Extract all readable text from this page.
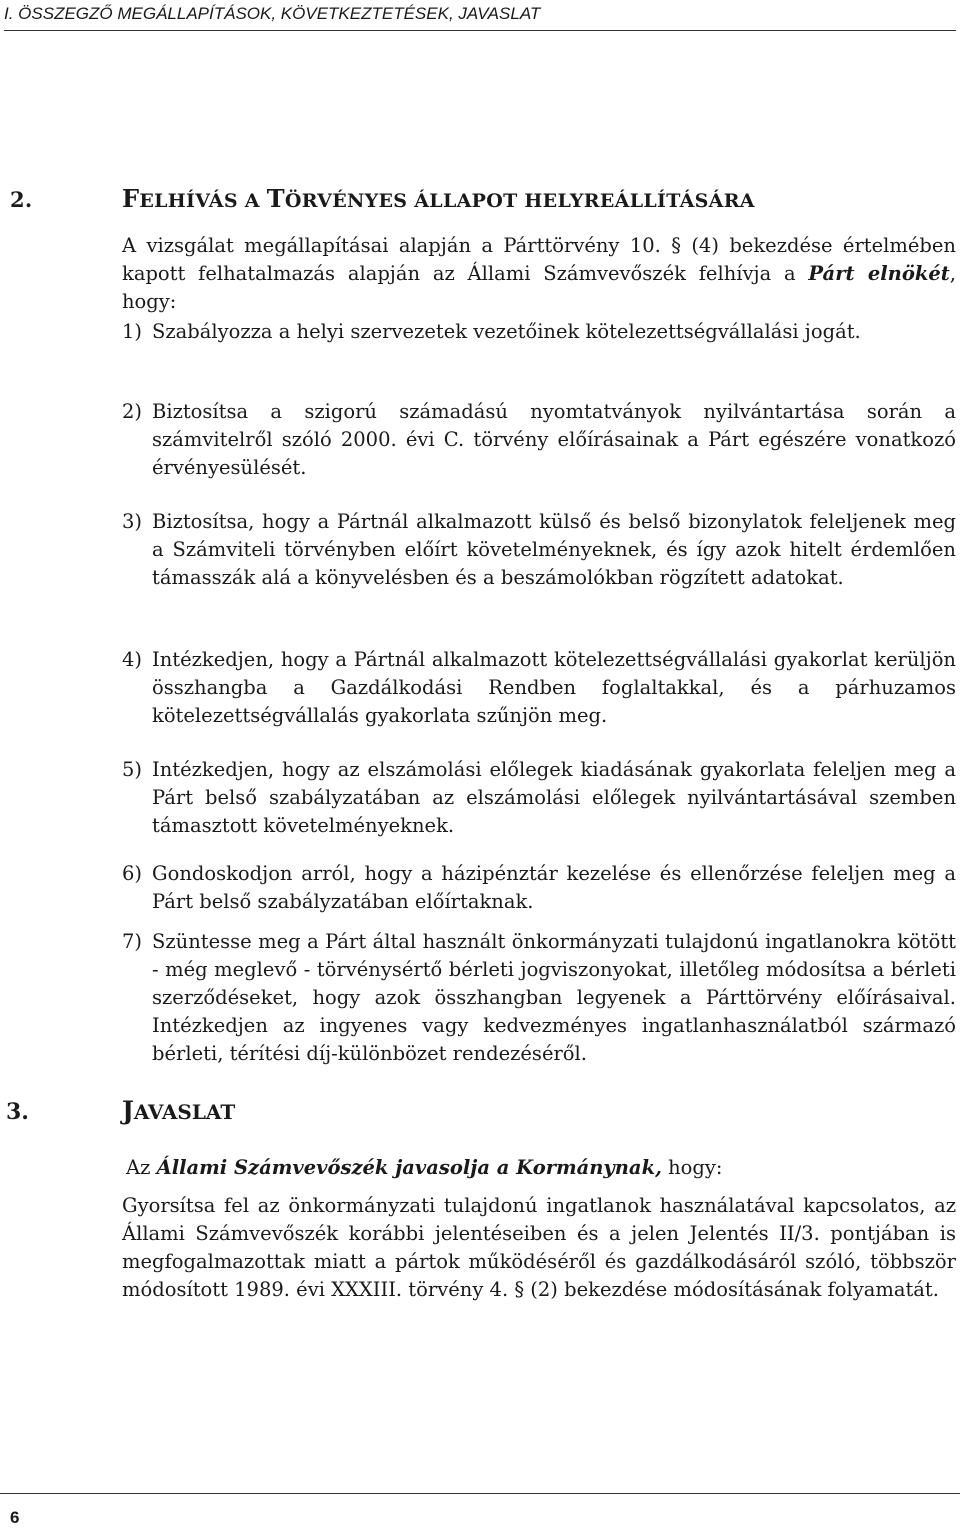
I. ÖSSZEGZŐ MEGÁLLAPÍTÁSOK, KÖVETKEZTETÉSEK, JAVASLAT
2.	FELHÍVÁS A TÖRVÉNYES ÁLLAPOT HELYREÁLLÍTÁSÁRA

A vizsgálat megállapításai alapján a Párttörvény 10. § (4) bekezdése értelmében kapott felhatalmazás alapján az Állami Számvevőszék felhívja a Párt elnökét, hogy:

1) Szabályozza a helyi szervezetek vezetőinek kötelezettségvállalási jogát.
2) Biztosítsa a szigorú számadású nyomtatványok nyilvántartása során a számvitelről szóló 2000. évi C. törvény előírásainak a Párt egészére vonatkozó érvényesülését.
3) Biztosítsa, hogy a Pártnál alkalmazott külső és belső bizonylatok feleljenek meg a Számviteli törvényben előírt követelményeknek, és így azok hitelt érdemlően támasszák alá a könyvelésben és a beszámolókban rögzített adatokat.
4) Intézkedjen, hogy a Pártnál alkalmazott kötelezettségvállalási gyakorlat kerüljön összhangba a Gazdálkodási Rendben foglaltakkal, és a párhuzamos kötelezettségvállalás gyakorlata szűnjön meg.
5) Intézkedjen, hogy az elszámolási előlegek kiadásának gyakorlata feleljen meg a Párt belső szabályzatában az elszámolási előlegek nyilvántartásával szemben támasztott követelményeknek.
6) Gondoskodjon arról, hogy a házipénztár kezelése és ellenőrzése feleljen meg a Párt belső szabályzatában előírtaknak.
7) Szüntesse meg a Párt által használt önkormányzati tulajdonú ingatlanokra kötött - még meglevő - törvénysértő bérleti jogviszonyokat, illetőleg módosítsa a bérleti szerződéseket, hogy azok összhangban legyenek a Párttörvény előírásaival. Intézkedjen az ingyenes vagy kedvezményes ingatlanhasználatból származó bérleti, térítési díj-különbözet rendezéséről.
3.	JAVASLAT

Az Állami Számvevőszék javasolja a Kormánynak, hogy:

Gyorsítsa fel az önkormányzati tulajdonú ingatlanok használatával kapcsolatos, az Állami Számvevőszék korábbi jelentéseiben és a jelen Jelentés II/3. pontjában is megfogalmazottak miatt a pártok működéséről és gazdálkodásáról szóló, többször módosított 1989. évi XXXIII. törvény 4. § (2) bekezdése módosításának folyamatát.

6
